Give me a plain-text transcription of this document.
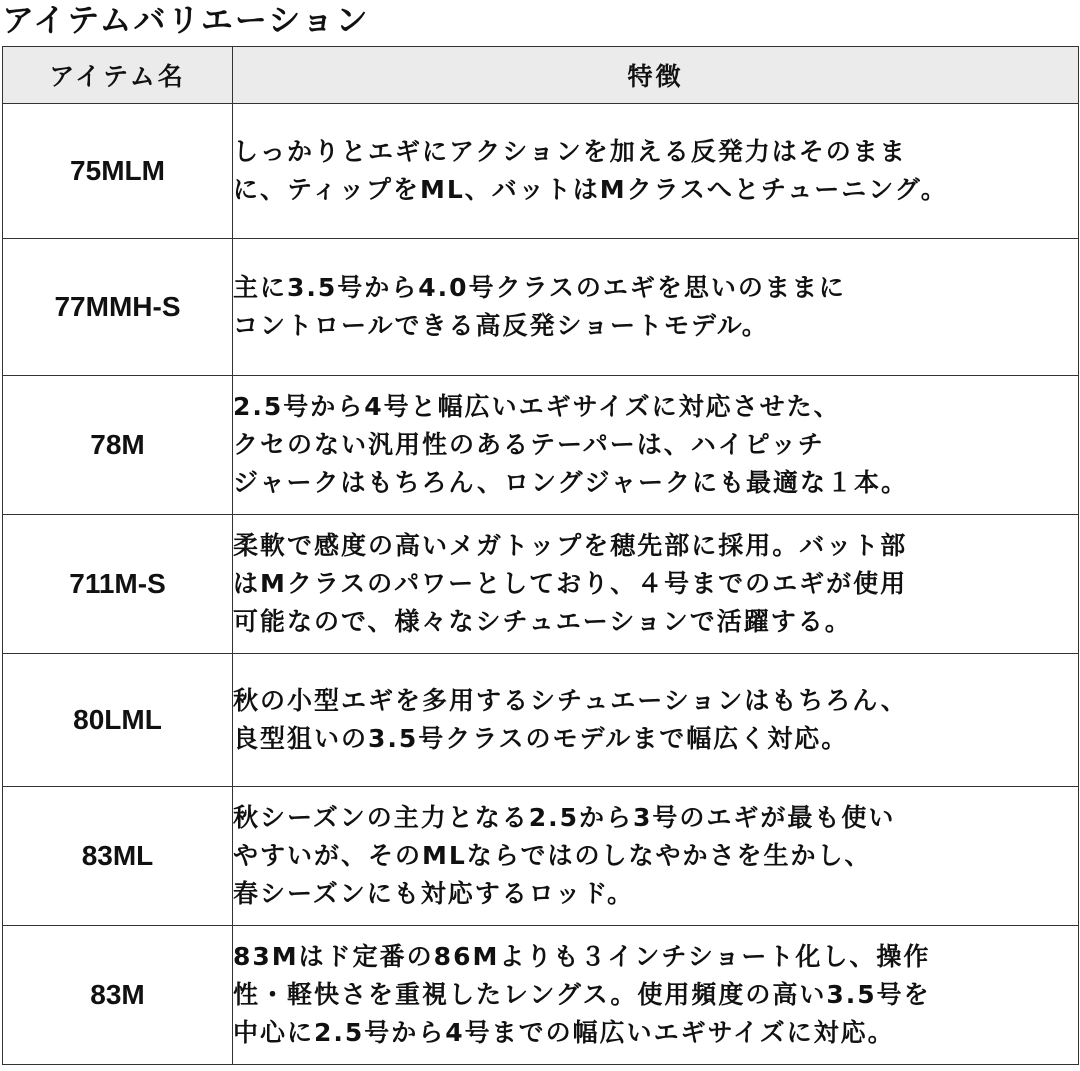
アイテムバリエーション
アイテム名	特徴
75MLM	しっかりとエギにアクションを加える反発力はそのまま
に、ティップをML、バットはMクラスへとチューニング。

77MMH-S	主に3.5号から4.0号クラスのエギを思いのままに
コントロールできる高反発ショートモデル。

78M	2.5号から4号と幅広いエギサイズに対応させた、
クセのない汎用性のあるテーパーは、ハイピッチ
ジャークはもちろん、ロングジャークにも最適な１本。

711M-S	柔軟で感度の高いメガトップを穂先部に採用。バット部
はMクラスのパワーとしており、４号までのエギが使用
可能なので、様々なシチュエーションで活躍する。

80LML	秋の小型エギを多用するシチュエーションはもちろん、
良型狙いの3.5号クラスのモデルまで幅広く対応。

83ML	秋シーズンの主力となる2.5から3号のエギが最も使い
やすいが、そのMLならではのしなやかさを生かし、
春シーズンにも対応するロッド。

83M	83Mはド定番の86Mよりも３インチショート化し、操作
性・軽快さを重視したレングス。使用頻度の高い3.5号を
中心に2.5号から4号までの幅広いエギサイズに対応。
